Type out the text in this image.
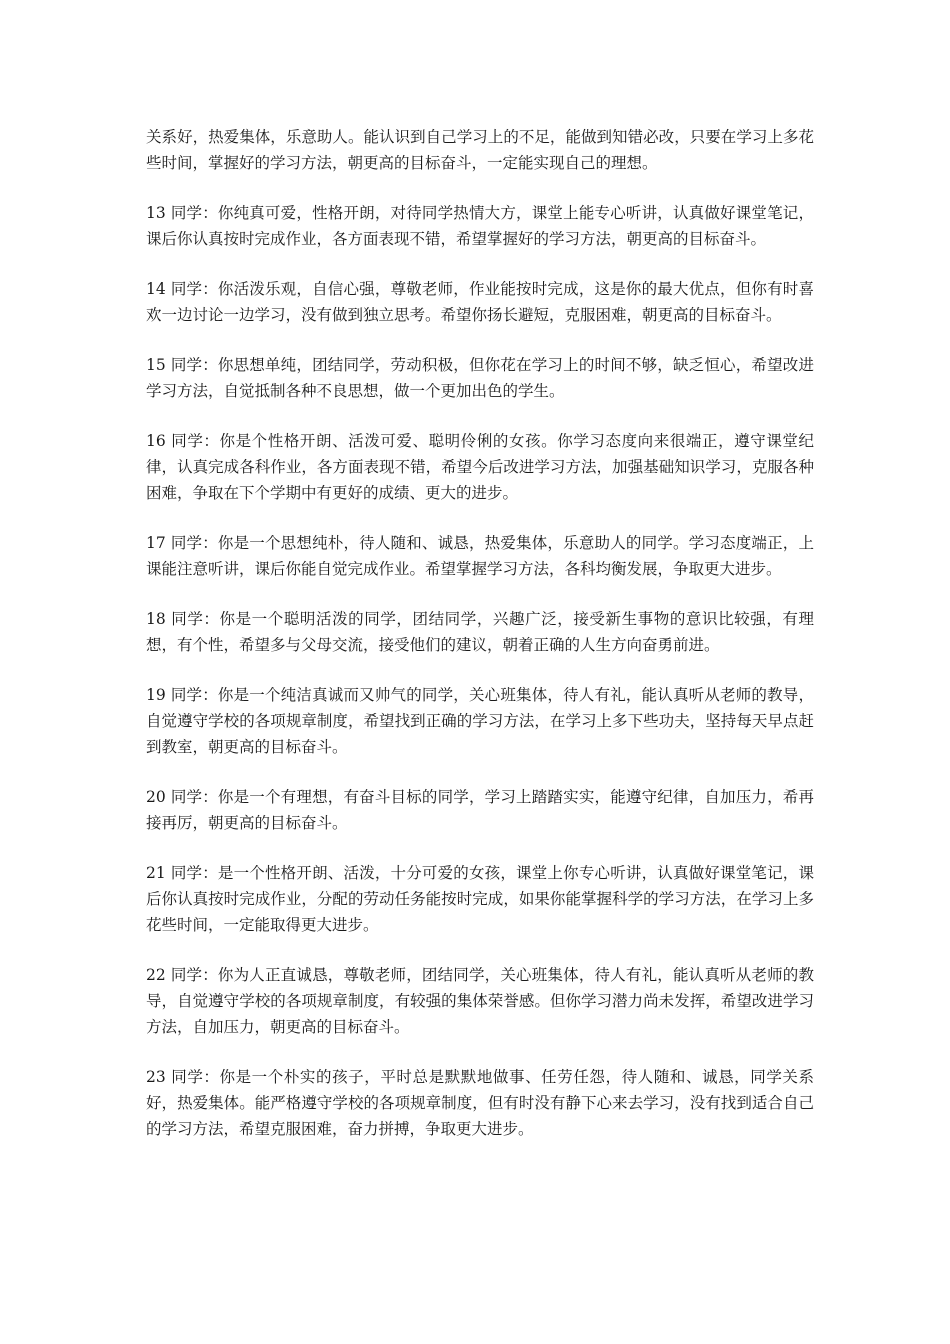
关系好，热爱集体，乐意助人。能认识到自己学习上的不足，能做到知错必改，只要在学习上多花些时间，掌握好的学习方法，朝更高的目标奋斗，一定能实现自己的理想。

13 同学：你纯真可爱，性格开朗，对待同学热情大方，课堂上能专心听讲，认真做好课堂笔记，课后你认真按时完成作业，各方面表现不错，希望掌握好的学习方法，朝更高的目标奋斗。

14 同学：你活泼乐观，自信心强，尊敬老师，作业能按时完成，这是你的最大优点，但你有时喜欢一边讨论一边学习，没有做到独立思考。希望你扬长避短，克服困难，朝更高的目标奋斗。

15 同学：你思想单纯，团结同学，劳动积极，但你花在学习上的时间不够，缺乏恒心，希望改进学习方法，自觉抵制各种不良思想，做一个更加出色的学生。

16 同学：你是个性格开朗、活泼可爱、聪明伶俐的女孩。你学习态度向来很端正，遵守课堂纪律，认真完成各科作业，各方面表现不错，希望今后改进学习方法，加强基础知识学习，克服各种困难，争取在下个学期中有更好的成绩、更大的进步。

17 同学：你是一个思想纯朴，待人随和、诚恳，热爱集体，乐意助人的同学。学习态度端正，上课能注意听讲，课后你能自觉完成作业。希望掌握学习方法，各科均衡发展，争取更大进步。

18 同学：你是一个聪明活泼的同学，团结同学，兴趣广泛，接受新生事物的意识比较强，有理想，有个性，希望多与父母交流，接受他们的建议，朝着正确的人生方向奋勇前进。

19 同学：你是一个纯洁真诚而又帅气的同学，关心班集体，待人有礼，能认真听从老师的教导，自觉遵守学校的各项规章制度，希望找到正确的学习方法，在学习上多下些功夫，坚持每天早点赶到教室，朝更高的目标奋斗。

20 同学：你是一个有理想，有奋斗目标的同学，学习上踏踏实实，能遵守纪律，自加压力，希再接再厉，朝更高的目标奋斗。

21 同学：是一个性格开朗、活泼，十分可爱的女孩，课堂上你专心听讲，认真做好课堂笔记，课后你认真按时完成作业，分配的劳动任务能按时完成，如果你能掌握科学的学习方法，在学习上多花些时间，一定能取得更大进步。

22 同学：你为人正直诚恳，尊敬老师，团结同学，关心班集体，待人有礼，能认真听从老师的教导，自觉遵守学校的各项规章制度，有较强的集体荣誉感。但你学习潜力尚未发挥，希望改进学习方法，自加压力，朝更高的目标奋斗。

23 同学：你是一个朴实的孩子，平时总是默默地做事、任劳任怨，待人随和、诚恳，同学关系好，热爱集体。能严格遵守学校的各项规章制度，但有时没有静下心来去学习，没有找到适合自己的学习方法，希望克服困难，奋力拼搏，争取更大进步。
